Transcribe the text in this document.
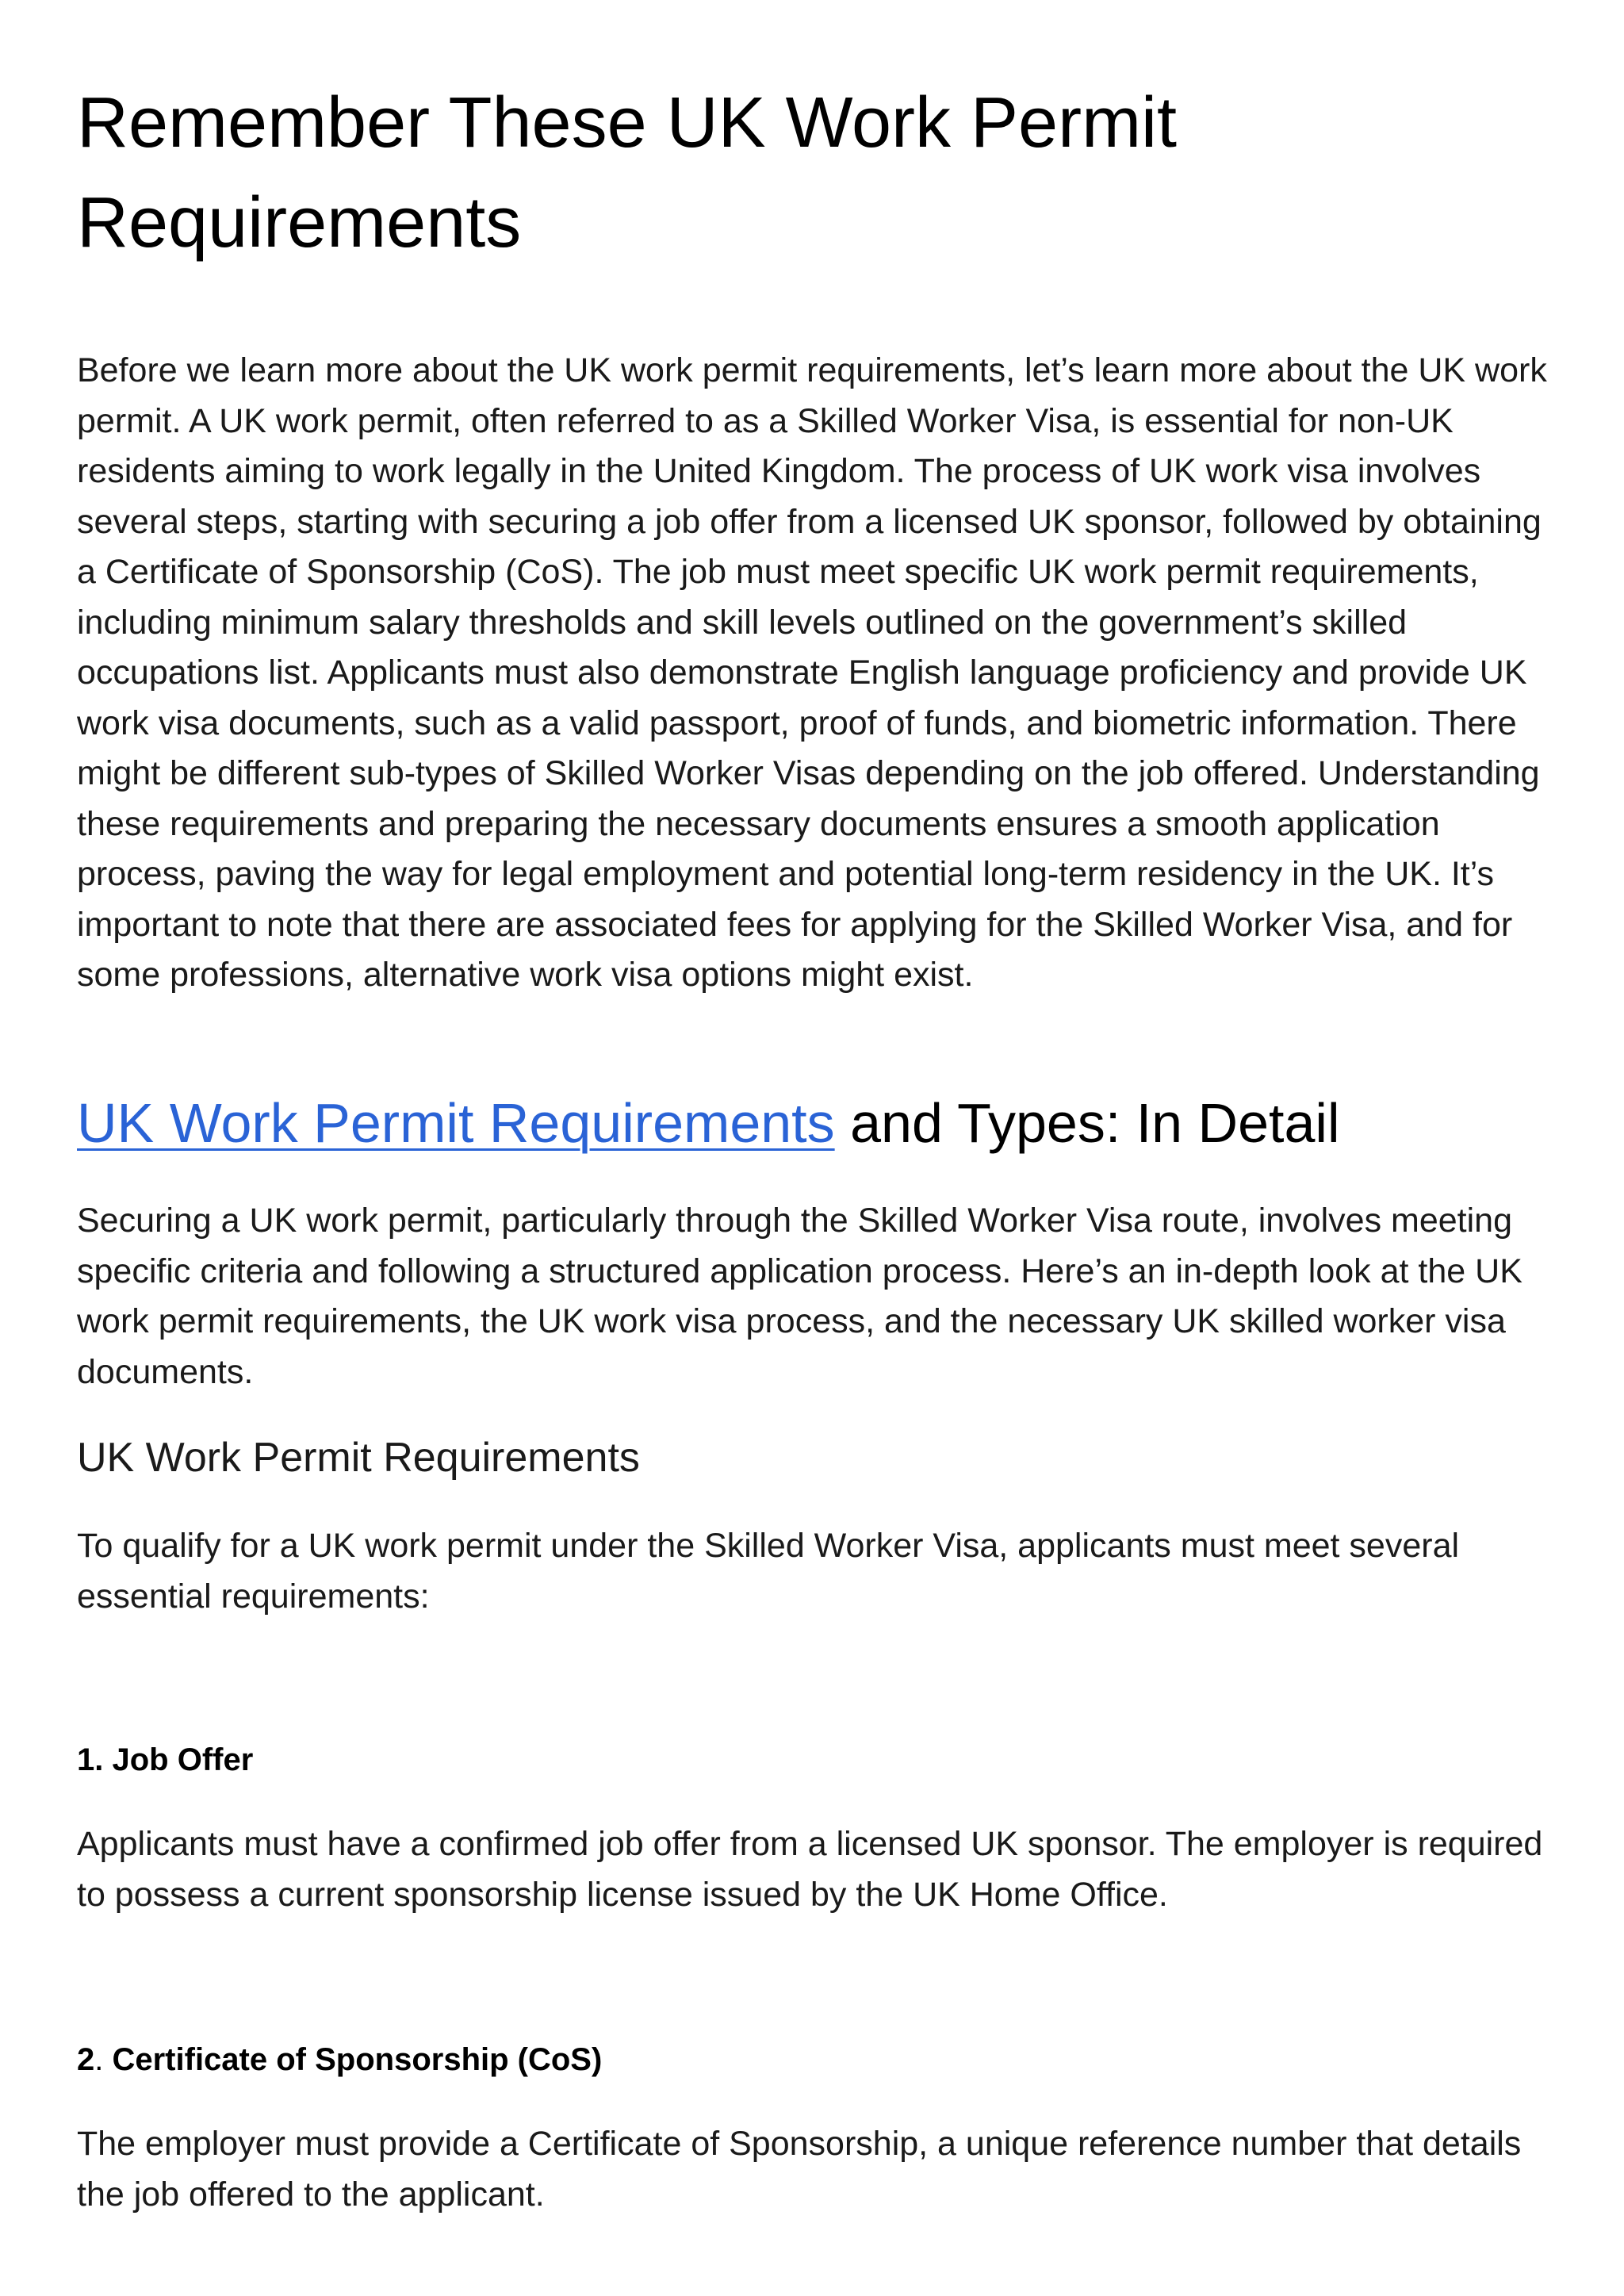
Remember These UK Work Permit Requirements

Before we learn more about the UK work permit requirements, let’s learn more about the UK work permit. A UK work permit, often referred to as a Skilled Worker Visa, is essential for non-UK residents aiming to work legally in the United Kingdom. The process of UK work visa involves several steps, starting with securing a job offer from a licensed UK sponsor, followed by obtaining a Certificate of Sponsorship (CoS). The job must meet specific UK work permit requirements, including minimum salary thresholds and skill levels outlined on the government’s skilled occupations list. Applicants must also demonstrate English language proficiency and provide UK work visa documents, such as a valid passport, proof of funds, and biometric information. There might be different sub-types of Skilled Worker Visas depending on the job offered. Understanding these requirements and preparing the necessary documents ensures a smooth application process, paving the way for legal employment and potential long-term residency in the UK. It’s important to note that there are associated fees for applying for the Skilled Worker Visa, and for some professions, alternative work visa options might exist.

UK Work Permit Requirements and Types: In Detail

Securing a UK work permit, particularly through the Skilled Worker Visa route, involves meeting specific criteria and following a structured application process. Here’s an in-depth look at the UK work permit requirements, the UK work visa process, and the necessary UK skilled worker visa documents.

UK Work Permit Requirements

To qualify for a UK work permit under the Skilled Worker Visa, applicants must meet several essential requirements:

1. Job Offer

Applicants must have a confirmed job offer from a licensed UK sponsor. The employer is required to possess a current sponsorship license issued by the UK Home Office.

2. Certificate of Sponsorship (CoS)

The employer must provide a Certificate of Sponsorship, a unique reference number that details the job offered to the applicant.
